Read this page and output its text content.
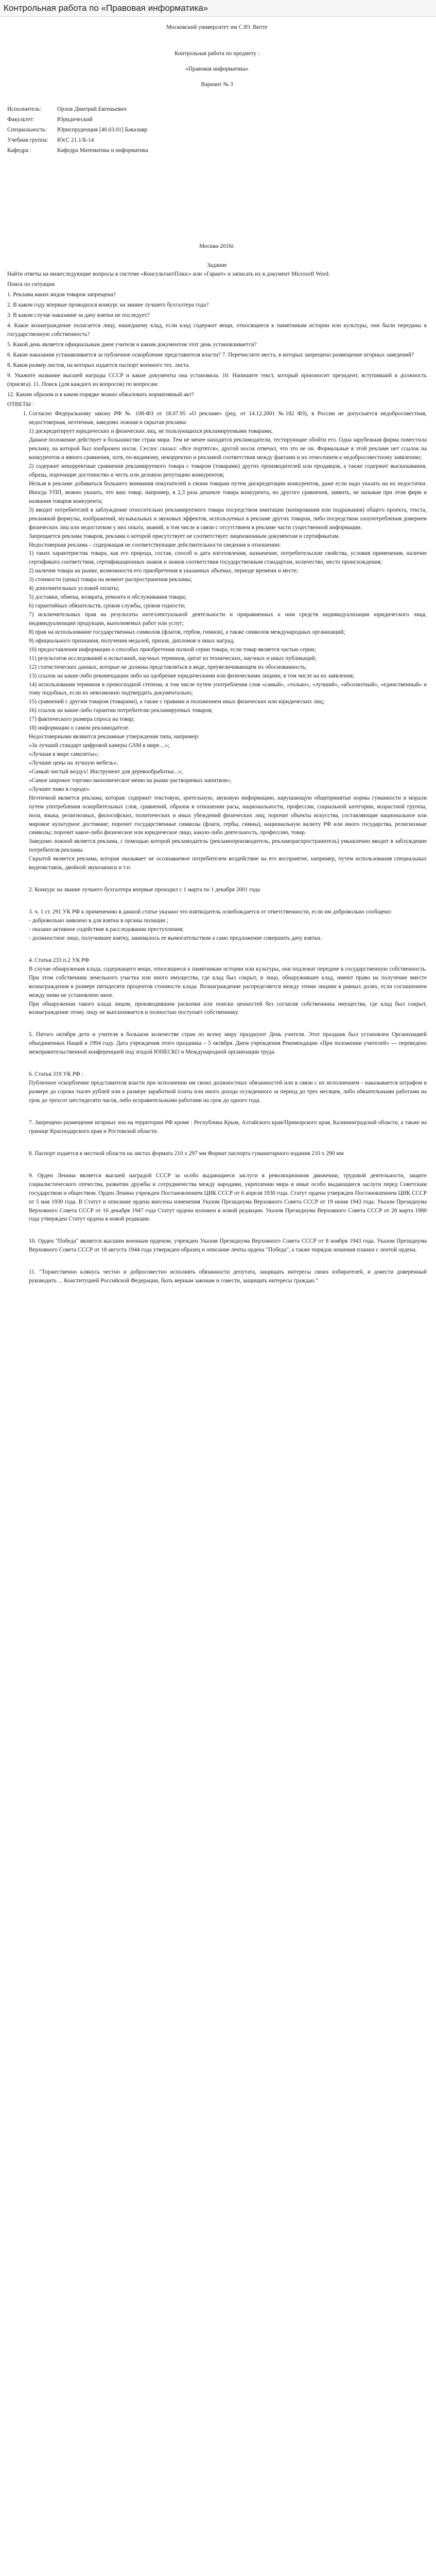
Контрольная работа по «Правовая информатика»

Московский университет им С.Ю. Витте

Контрольная работа по предмету :

«Правовая информатика»

Вариант № 3

Исполнитель:	Орлов Дмитрий Евгеньевич
Факультет:	Юридический
Специальность:	Юриспруденция [40.03.01] Бакалавр
Учебная группа:	ЮсС 21.1/Б-14
Кафедра :	Кафедра Математика и информатика

Москва-2016г.

Задание

Найти ответы на нижеследующие вопросы в системе «КонсультантПлюс» или «Гарант» и записать их в документ Microsoft Word.

Поиск по ситуации

1. Реклама каких видов товаров запрещена?

2. В каком году впервые проводился конкурс на звание лучшего бухгалтера года?

3. В каком случае наказание за дачу взятки не последует?

4. Какое вознаграждение полагается лицу, нашедшему клад, если клад содержит вещи, относящиеся к памятникам истории или культуры, они были переданы в государственную собственность?

5. Какой день является официальным днем учителя и каким документом этот день установливается?

6. Какие наказания устанавливается за публичное оскорбление представителя власти? 7. Перечислите места, в которых запрещено размещение игорных заведений?

8. Каков размер листов, на которых издается паспорт военного тех. листа.

9. Укажите название высшей награды СССР и какие документы она установила. 10. Напишите текст, который произносит президент, вступивший в должность (присяга). 11. Поиск (для каждого из вопросов) по вопросам:

12. Каким образом и в каком порядке можно обжаловать нормативный акт?

ОТВЕТЫ :

1. Согласно Федеральному закону РФ № 108-ФЗ от 18.07.95 «О рекламе» (ред. от 14.12.2001 №182 ФЗ), в России не допускается недобросовестная, недостоверная, неэтичная, заведомо ложная и скрытая реклама:

1) дискредитирует юридических и физических лиц, не пользующихся рекламируемыми товарами;

Данное положение действует в большинстве стран мира. Тем не менее находятся рекламодатели, тестирующие обойти его. Одна зарубежная фирма поместила рекламу, на которой был изображен носок. Сеслос сказал: «Все портятся», другой носок отвечал, что это не он. Формальные в этой рекламе нет ссылок на конкурентов и явного сравнения, хотя, по-видимому, некорректно и рекламой соответствия между фактами и их отнесением к недобросовестному заявлению;

2) содержит некорректные сравнения рекламируемого товара с товаром (товарами) других производителей или продавцов, а также содержит высказывания, образы, порочащие достоинство и честь или деловую репутацию конкурентов;

Нельзя в рекламе добиваться большего внимания покупателей к своим товарам путем дискредитации конкурентов, даже если надо указать на их недостатки. Иногда УПП, можно указать, что ваш товар, например, в 2,3 раза дешевле товара конкурента, но другого сравнения, заявить, не называя при этом фирм и названия товаров конкурента;

3) вводит потребителей в заблуждение относительно рекламируемого товара посредством имитации (копирования или подражания) общего проекта, текста, рекламной формулы, изображений, музыкальных и звуковых эффектов, используемых в рекламе других товаров, либо посредством злоупотребления доверием физических лиц или недостатком у них опыта, знаний, в том числе в связи с отсутствием в рекламе части существенной информации.

Запрещается реклама товаров, реклама о которой присутствует не соответствует лицензионным документам и сертификатам.

Недостоверная реклама – содержащая не соответствующие действительности сведения в отношении:

1) таких характеристик товара, как его природа, состав, способ и дата изготовления, назначение, потребительские свойства, условия применения, наличие сертификата соответствия, сертификационных знаков и знаков соответствия государственным стандартам, количество, место происхождения;

2) наличия товара на рынке, возможности его приобретения в указанных объемах, периоде времени и месте;

3) стоимости (цены) товара на момент распространения рекламы;

4) дополнительных условий оплаты;

5) доставки, обмена, возврата, ремонта и обслуживания товара;

6) гарантийных обязательств, сроков службы, сроков годности;

7) исключительных прав на результаты интеллектуальной деятельности и приравненных к ним средств индивидуализации юридического лица, индивидуализации продукции, выполняемых работ или услуг;

8) прав на использование государственных символов (флагов, гербов, гимнов), а также символов международных организаций;

9) официального признания, получения медалей, призов, дипломов и иных наград;

10) предоставления информации о способах приобретения полной серии товара, если товар является частью серии;

11) результатов исследований и испытаний, научных терминов, цитат из технических, научных и иных публикаций;

12) статистических данных, которые не должны представляться в виде, преувеличивающем их обоснованность;

13) ссылок на какие-либо рекомендации либо на одобрение юридическими или физическими лицами, в том числе на их заявления;

14) использования терминов в превосходной степени, в том числе путем употребления слов «самый», «только», «лучший», «абсолютный», «единственный» и тому подобных, если их невозможно подтвердить документально;

15) сравнений с другим товаром (товарами), а также с правами и положением иных физических или юридических лиц;

16) ссылок на какие-либо гарантии потребителю рекламируемых товаров;

17) фактического размера спроса на товар;

18) информации о самом рекламодателе.

Недостоверными являются рекламные утверждения типа, например:

«За лучший стандарт цифровой камеры GSM в мире....»;

«Лучшая в мире самолеты»;

«Лучшие цены на лучшую мебель»;

«Самый чистый воздух! Инструмент для деревообработки...»;

«Самое широкое торгово-экономическое меню на рынке растворимых напитков»;

«Лучшее пиво в городе».

Неэтичной является реклама, которая: содержит текстовую, зрительную, звуковую информацию, нарушающую общепринятые нормы гуманности и морали путем употребления оскорбительных слов, сравнений, образов в отношении расы, национальности, профессии, социальной категории, возрастной группы, пола, языка, религиозных, философских, политических и иных убеждений физических лиц; порочит объекты искусства, составляющие национальное или мировое культурное достояние; порочит государственные символы (флаги, гербы, гимны), национальную валюту РФ или иного государства, религиозные символы; порочит какое-либо физическое или юридическое лицо, какую-либо деятельность, профессию, товар.

Заведомо ложной является реклама, с помощью которой рекламодатель (рекламопроизводитель, рекламораспространитель) умышленно вводит в заблуждение потребителя рекламы.

Скрытой является реклама, которая оказывает не осознаваемое потребителем воздействие на его восприятие, например, путем использования специальных видеовставок, двойной звукозаписи и т.п.

2. Конкурс на звание лучшего бухгалтера впервые проходил с 1 марта по 1 декабря 2001 года.

3. ч. 1 ст. 291 УК РФ к применению в данной статье указано что взяткодатель освобождается от ответственности, если им добровольно сообщено:

- добровольно заявлено в для взятки в органы полиции ;

- оказано активное содействие в расследовании преступления;

- должностное лицо, получившее взятку, занималось ее вымогательством а само предложение совершить дачу взятки.

4. Статья 233 п.2 УК РФ

В случае обнаружения клада, содержащего вещи, относящиеся к памятникам истории или культуры, они подлежат передаче в государственную собственность. При этом собственник земельного участка или иного имущества, где клад был сокрыт, и лицо, обнаружившее клад, имеют право на получение вместе вознаграждения в размере пятидесяти процентов стоимости клада. Вознаграждение распределяется между этими лицами в равных долях, если соглашением между ними не установлено иное.

При обнаружении такого клада лицом, производившим раскопки или поиски ценностей без согласия собственника имущества, где клад был сокрыт, вознаграждение этому лицу не выплачивается и полностью поступает собственнику.

5. Пятого октября дети и учителя в большом количестве стран по всему миру празднуют День учителя. Этот праздник был установлен Организацией объединенных Наций в 1994 году. Дата учреждения этого праздника – 5 октября. Днем учреждения Рекомендации «При положении учителей» — переведено межправительственной конференцией под эгидой ЮНЕСКО и Международной организации труда.

6. Статья 319 УК РФ :

Публичное оскорбление представителя власти при исполнении им своих должностных обязанностей или в связи с их исполнением - наказывается штрафом в размере до сорока тысяч рублей или в размере заработной платы или иного дохода осужденного за период до трех месяцев, либо обязательными работами на срок до трехсот шестидесяти часов, либо исправительными работами на срок до одного года.

7. Запрещено размещение игорных зон на территории РФ кроме : Республика Крым, Алтайского края/Приморского края, Калининградской области, а также на границе Краснодарского края и Ростовской области.

8. Паспорт издается в местной области на листах формата 210 х 297 мм Формат паспорта гуманитарного издания 210 х 290 мм

9. Орден Ленина является высшей наградой СССР за особо выдающиеся заслуги в революционном движении, трудовой деятельности, защите социалистического отечества, развитии дружбы и сотрудничества между народами, укреплении мира и иные особо выдающиеся заслуги перед Советским государством и обществом. Орден Ленина учрежден Постановлением ЦИК СССР от 6 апреля 1930 года. Статут ордена утвержден Постановлением ЦИК СССР от 5 мая 1930 года. В Статут и описание ордена внесены изменения Указом Президиума Верховного Совета СССР от 19 июня 1943 года. Указом Президиума Верховного Совета СССР от 16 декабря 1947 года Статут ордена изложен в новой редакции. Указом Президиума Верховного Совета СССР от 28 марта 1980 года утвержден Статут ордена в новой редакции.

10. Орден "Победа" является высшим военным орденом, учрежден Указом Президиума Верховного Совета СССР от 8 ноября 1943 года. Указом Президиума Верховного Совета СССР от 18 августа 1944 года утвержден образец и описание ленты ордена "Победа", а также порядок ношения планки с лентой ордена.

11. "Торжественно клянусь честно и добросовестно исполнять обязанности депутата, защищать интересы своих избирателей, и довести доверенный руководить ... Конституцией Российской Федерации, быть верным законам и совести, защищать интересы граждан."
